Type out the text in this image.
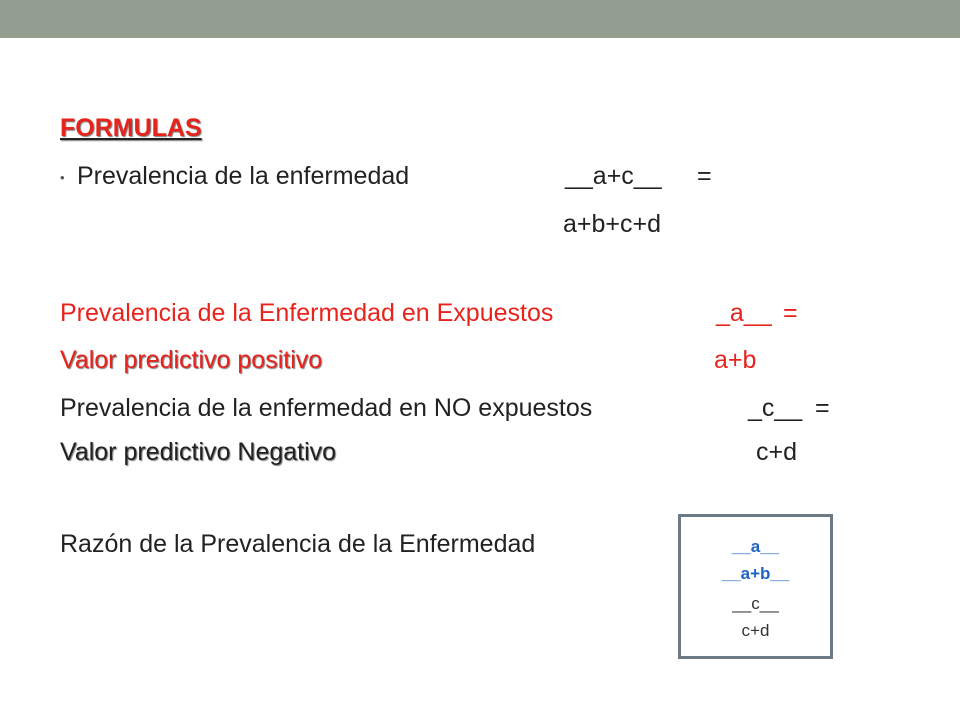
FORMULAS
• Prevalencia de la enfermedad	__a+c__ =
a+b+c+d
Prevalencia de la Enfermedad en Expuestos	_a__ =
Valor predictivo positivo	a+b
Prevalencia de la enfermedad en NO expuestos	_c__ =
Valor predictivo Negativo	c+d
Razón de la Prevalencia de la Enfermedad	__a__
__a+b__
__c__
c+d
